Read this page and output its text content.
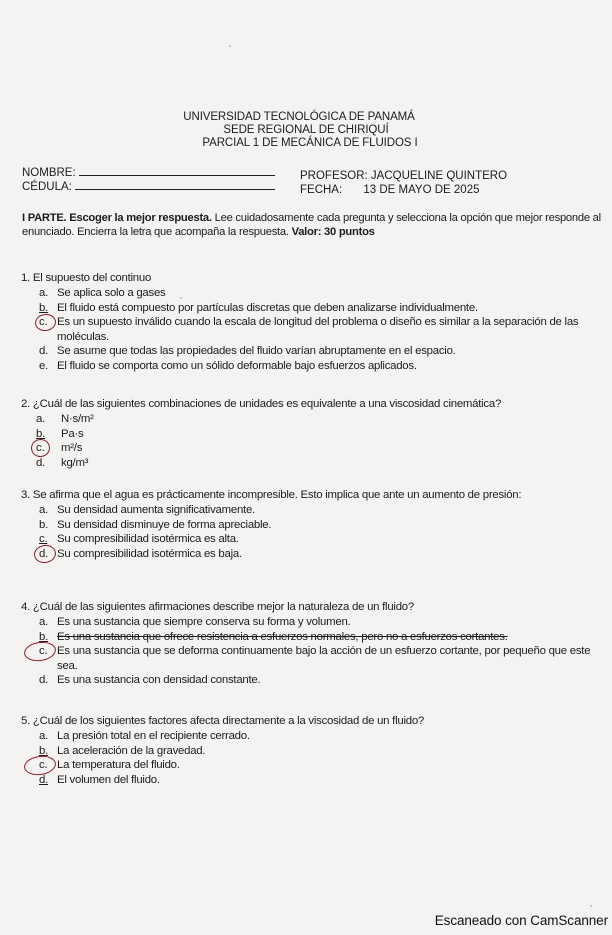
UNIVERSIDAD TECNOLÓGICA DE PANAMÁ
SEDE REGIONAL DE CHIRIQUÍ
PARCIAL 1 DE MECÁNICA DE FLUIDOS I
NOMBRE:
CÉDULA:
PROFESOR: JACQUELINE QUINTERO
FECHA: 13 DE MAYO DE 2025
I PARTE. Escoger la mejor respuesta. Lee cuidadosamente cada pregunta y selecciona la opción que mejor responde al enunciado. Encierra la letra que acompaña la respuesta. Valor: 30 puntos
1. El supuesto del continuo
a. Se aplica solo a gases
b. El fluido está compuesto por partículas discretas que deben analizarse individualmente.
c. Es un supuesto inválido cuando la escala de longitud del problema o diseño es similar a la separación de las moléculas.
d. Se asume que todas las propiedades del fluido varían abruptamente en el espacio.
e. El fluido se comporta como un sólido deformable bajo esfuerzos aplicados.
2. ¿Cuál de las siguientes combinaciones de unidades es equivalente a una viscosidad cinemática?
a. N·s/m²
b. Pa·s
c. m²/s
d. kg/m³
3. Se afirma que el agua es prácticamente incompresible. Esto implica que ante un aumento de presión:
a. Su densidad aumenta significativamente.
b. Su densidad disminuye de forma apreciable.
c. Su compresibilidad isotérmica es alta.
d. Su compresibilidad isotérmica es baja.
4. ¿Cuál de las siguientes afirmaciones describe mejor la naturaleza de un fluido?
a. Es una sustancia que siempre conserva su forma y volumen.
b. Es una sustancia que ofrece resistencia a esfuerzos normales, pero no a esfuerzos cortantes.
c. Es una sustancia que se deforma continuamente bajo la acción de un esfuerzo cortante, por pequeño que este sea.
d. Es una sustancia con densidad constante.
5. ¿Cuál de los siguientes factores afecta directamente a la viscosidad de un fluido?
a. La presión total en el recipiente cerrado.
b. La aceleración de la gravedad.
c. La temperatura del fluido.
d. El volumen del fluido.
Escaneado con CamScanner
